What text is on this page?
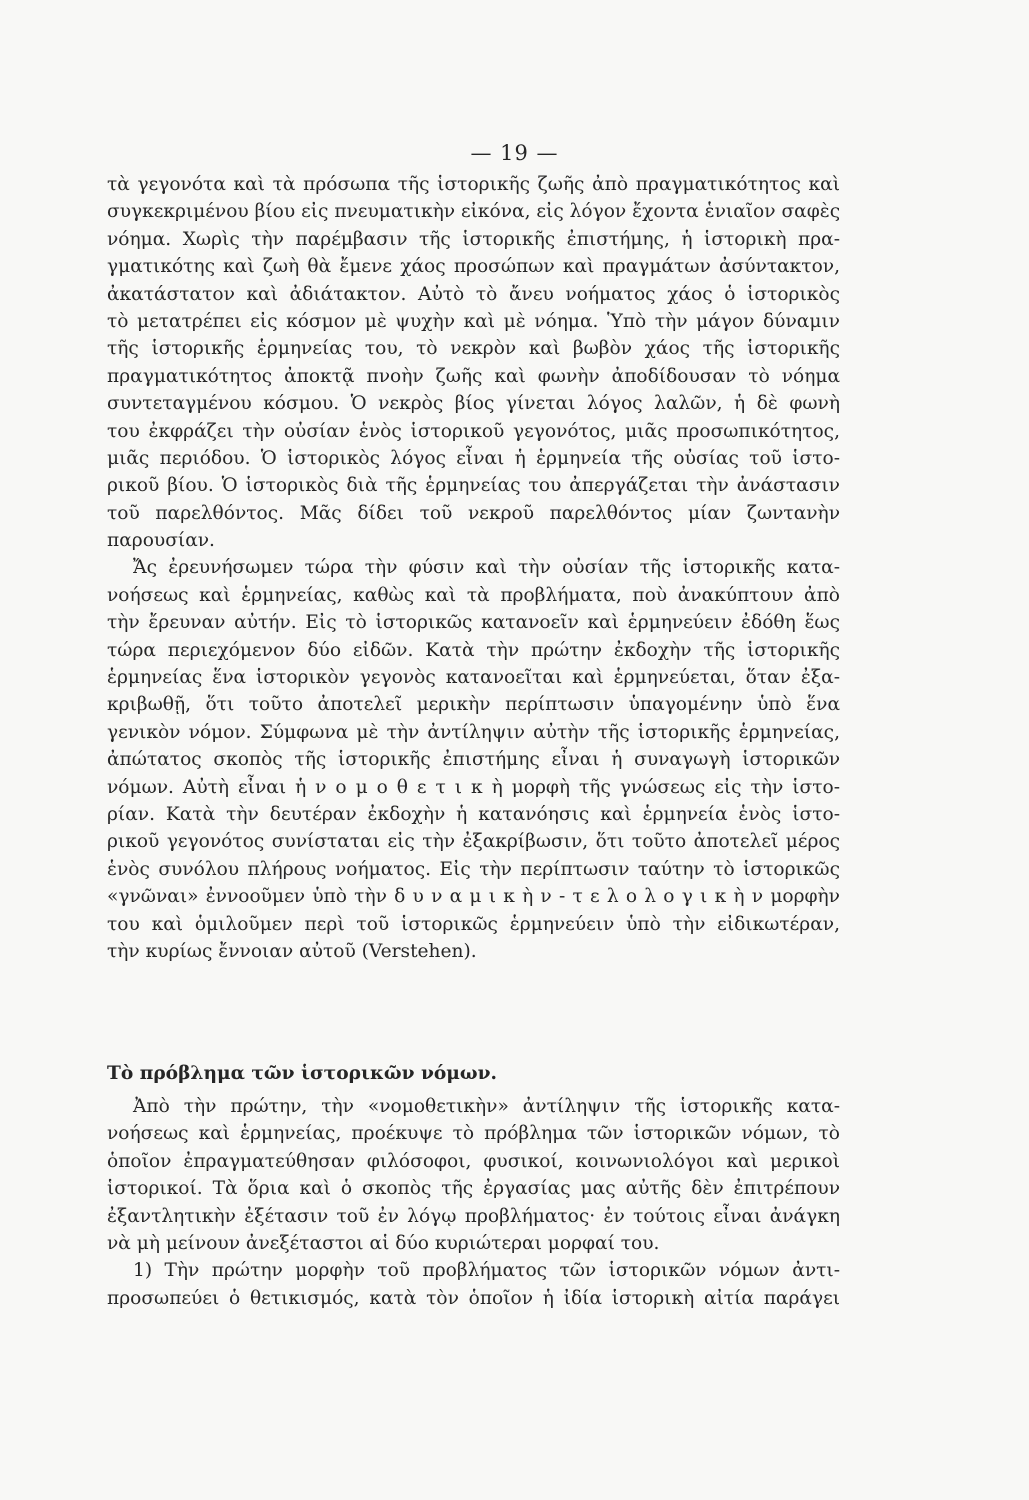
— 19 —
τὰ γεγονότα καὶ τὰ πρόσωπα τῆς ἱστορικῆς ζωῆς ἀπὸ πραγματικότητος καὶ
συγκεκριμένου βίου εἰς πνευματικὴν εἰκόνα, εἰς λόγον ἔχοντα ἑνιαῖον σαφὲς
νόημα. Χωρὶς τὴν παρέμβασιν τῆς ἱστορικῆς ἐπιστήμης, ἡ ἱστορικὴ πρα-
γματικότης καὶ ζωὴ θὰ ἔμενε χάος προσώπων καὶ πραγμάτων ἀσύντακτον,
ἀκατάστατον καὶ ἀδιάτακτον. Αὐτὸ τὸ ἄνευ νοήματος χάος ὁ ἱστορικὸς
τὸ μετατρέπει εἰς κόσμον μὲ ψυχὴν καὶ μὲ νόημα. Ὑπὸ τὴν μάγον δύναμιν
τῆς ἱστορικῆς ἑρμηνείας του, τὸ νεκρὸν καὶ βωβὸν χάος τῆς ἱστορικῆς
πραγματικότητος ἀποκτᾷ πνοὴν ζωῆς καὶ φωνὴν ἀποδίδουσαν τὸ νόημα
συντεταγμένου κόσμου. Ὁ νεκρὸς βίος γίνεται λόγος λαλῶν, ἡ δὲ φωνὴ
του ἐκφράζει τὴν οὐσίαν ἑνὸς ἱστορικοῦ γεγονότος, μιᾶς προσωπικότητος,
μιᾶς περιόδου. Ὁ ἱστορικὸς λόγος εἶναι ἡ ἑρμηνεία τῆς οὐσίας τοῦ ἱστο-
ρικοῦ βίου. Ὁ ἱστορικὸς διὰ τῆς ἑρμηνείας του ἀπεργάζεται τὴν ἀνάστασιν
τοῦ παρελθόντος. Μᾶς δίδει τοῦ νεκροῦ παρελθόντος μίαν ζωντανὴν
παρουσίαν.
Ἄς ἐρευνήσωμεν τώρα τὴν φύσιν καὶ τὴν οὐσίαν τῆς ἱστορικῆς κατα-
νοήσεως καὶ ἑρμηνείας, καθὼς καὶ τὰ προβλήματα, ποὺ ἀνακύπτουν ἀπὸ
τὴν ἔρευναν αὐτήν. Εἰς τὸ ἱστορικῶς κατανοεῖν καὶ ἑρμηνεύειν ἐδόθη ἕως
τώρα περιεχόμενον δύο εἰδῶν. Κατὰ τὴν πρώτην ἐκδοχὴν τῆς ἱστορικῆς
ἑρμηνείας ἕνα ἱστορικὸν γεγονὸς κατανοεῖται καὶ ἑρμηνεύεται, ὅταν ἐξα-
κριβωθῇ, ὅτι τοῦτο ἀποτελεῖ μερικὴν περίπτωσιν ὑπαγομένην ὑπὸ ἕνα
γενικὸν νόμον. Σύμφωνα μὲ τὴν ἀντίληψιν αὐτὴν τῆς ἱστορικῆς ἑρμηνείας,
ἀπώτατος σκοπὸς τῆς ἱστορικῆς ἐπιστήμης εἶναι ἡ συναγωγὴ ἱστορικῶν
νόμων. Αὐτὴ εἶναι ἡ ν ο μ ο θ ε τ ι κ ὴ μορφὴ τῆς γνώσεως εἰς τὴν ἱστο-
ρίαν. Κατὰ τὴν δευτέραν ἐκδοχὴν ἡ κατανόησις καὶ ἑρμηνεία ἑνὸς ἱστο-
ρικοῦ γεγονότος συνίσταται εἰς τὴν ἐξακρίβωσιν, ὅτι τοῦτο ἀποτελεῖ μέρος
ἑνὸς συνόλου πλήρους νοήματος. Εἰς τὴν περίπτωσιν ταύτην τὸ ἱστορικῶς
«γνῶναι» ἐννοοῦμεν ὑπὸ τὴν δ υ ν α μ ι κ ὴ ν - τ ε λ ο λ ο γ ι κ ὴ ν μορφὴν
του καὶ ὁμιλοῦμεν περὶ τοῦ ἱστορικῶς ἑρμηνεύειν ὑπὸ τὴν εἰδικωτέραν,
τὴν κυρίως ἔννοιαν αὐτοῦ (Verstehen).
Τὸ πρόβλημα τῶν ἱστορικῶν νόμων.
Ἀπὸ τὴν πρώτην, τὴν «νομοθετικὴν» ἀντίληψιν τῆς ἱστορικῆς κατα-
νοήσεως καὶ ἑρμηνείας, προέκυψε τὸ πρόβλημα τῶν ἱστορικῶν νόμων, τὸ
ὁποῖον ἐπραγματεύθησαν φιλόσοφοι, φυσικοί, κοινωνιολόγοι καὶ μερικοὶ
ἱστορικοί. Τὰ ὅρια καὶ ὁ σκοπὸς τῆς ἐργασίας μας αὐτῆς δὲν ἐπιτρέπουν
ἐξαντλητικὴν ἐξέτασιν τοῦ ἐν λόγῳ προβλήματος· ἐν τούτοις εἶναι ἀνάγκη
νὰ μὴ μείνουν ἀνεξέταστοι αἱ δύο κυριώτεραι μορφαί του.
1) Τὴν πρώτην μορφὴν τοῦ προβλήματος τῶν ἱστορικῶν νόμων ἀντι-
προσωπεύει ὁ θετικισμός, κατὰ τὸν ὁποῖον ἡ ἰδία ἱστορικὴ αἰτία παράγει
